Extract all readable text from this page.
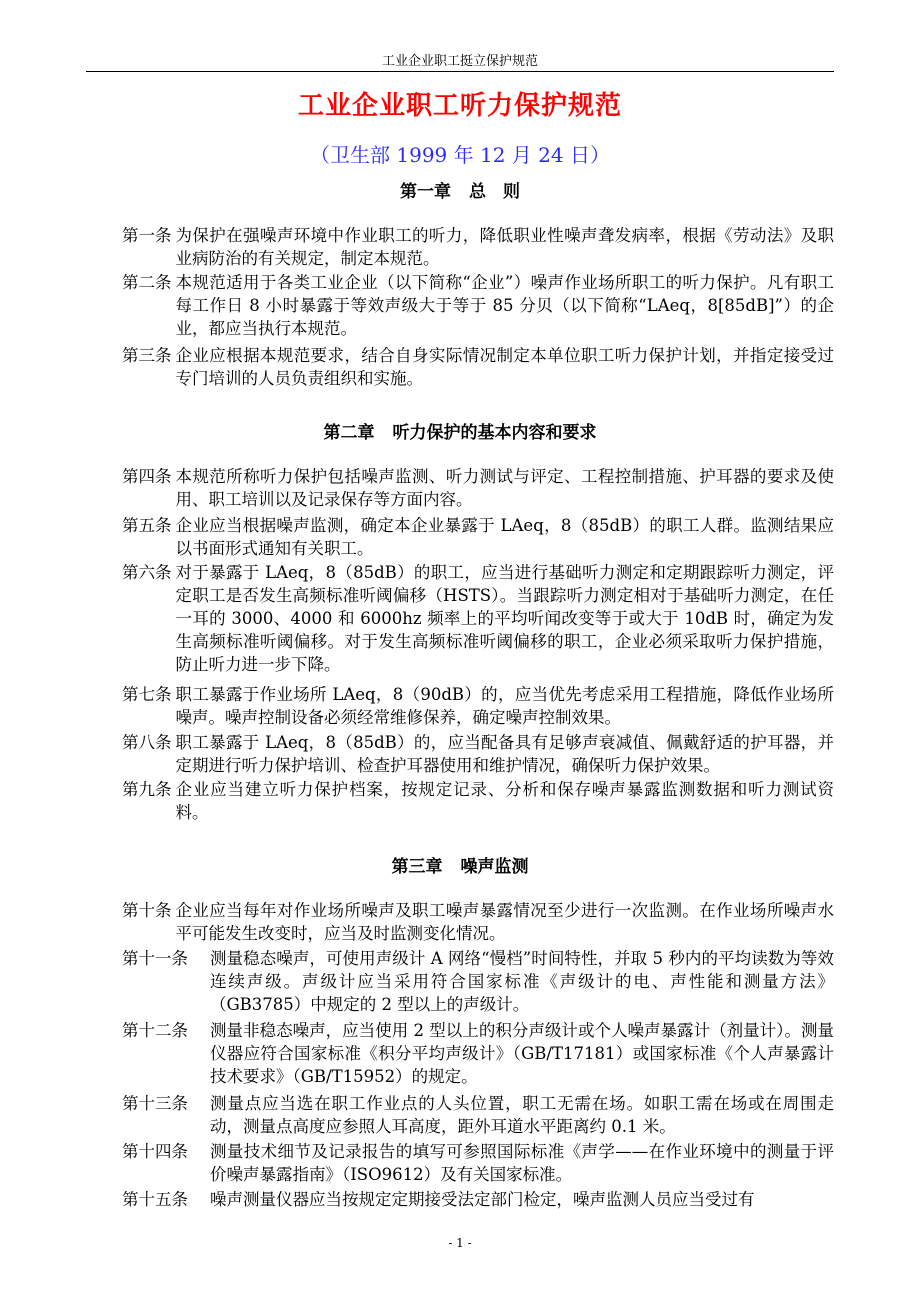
工业企业职工挺立保护规范
工业企业职工听力保护规范
（卫生部 1999 年 12 月 24 日）
第一章 总　则
第一条 为保护在强噪声环境中作业职工的听力，降低职业性噪声聋发病率，根据《劳动法》及职业病防治的有关规定，制定本规范。
第二条 本规范适用于各类工业企业（以下简称“企业”）噪声作业场所职工的听力保护。凡有职工每工作日 8 小时暴露于等效声级大于等于 85 分贝（以下简称“LAeq，8[85dB]”）的企业，都应当执行本规范。
第三条 企业应根据本规范要求，结合自身实际情况制定本单位职工听力保护计划，并指定接受过专门培训的人员负责组织和实施。
第二章 听力保护的基本内容和要求
第四条 本规范所称听力保护包括噪声监测、听力测试与评定、工程控制措施、护耳器的要求及使用、职工培训以及记录保存等方面内容。
第五条 企业应当根据噪声监测，确定本企业暴露于 LAeq，8（85dB）的职工人群。监测结果应以书面形式通知有关职工。
第六条 对于暴露于 LAeq，8（85dB）的职工，应当进行基础听力测定和定期跟踪听力测定，评定职工是否发生高频标准听阈偏移（HSTS）。当跟踪听力测定相对于基础听力测定，在任一耳的 3000、4000 和 6000hz 频率上的平均听闻改变等于或大于 10dB 时，确定为发生高频标准听阈偏移。对于发生高频标准听阈偏移的职工，企业必须采取听力保护措施，防止听力进一步下降。
第七条 职工暴露于作业场所 LAeq，8（90dB）的，应当优先考虑采用工程措施，降低作业场所噪声。噪声控制设备必须经常维修保养，确定噪声控制效果。
第八条 职工暴露于 LAeq，8（85dB）的，应当配备具有足够声衰减值、佩戴舒适的护耳器，并定期进行听力保护培训、检查护耳器使用和维护情况，确保听力保护效果。
第九条 企业应当建立听力保护档案，按规定记录、分析和保存噪声暴露监测数据和听力测试资料。
第三章 噪声监测
第十条 企业应当每年对作业场所噪声及职工噪声暴露情况至少进行一次监测。在作业场所噪声水平可能发生改变时，应当及时监测变化情况。
第十一条	测量稳态噪声，可使用声级计 A 网络“慢档”时间特性，并取 5 秒内的平均读数为等效连续声级。声级计应当采用符合国家标准《声级计的电、声性能和测量方法》（GB3785）中规定的 2 型以上的声级计。
第十二条	测量非稳态噪声，应当使用 2 型以上的积分声级计或个人噪声暴露计（剂量计）。测量仪器应符合国家标准《积分平均声级计》（GB/T17181）或国家标准《个人声暴露计技术要求》（GB/T15952）的规定。
第十三条	测量点应当选在职工作业点的人头位置，职工无需在场。如职工需在场或在周围走动，测量点高度应参照人耳高度，距外耳道水平距离约 0.1 米。
第十四条	测量技术细节及记录报告的填写可参照国际标准《声学——在作业环境中的测量于评价噪声暴露指南》（ISO9612）及有关国家标准。
第十五条	噪声测量仪器应当按规定定期接受法定部门检定，噪声监测人员应当受过有
- 1 -
